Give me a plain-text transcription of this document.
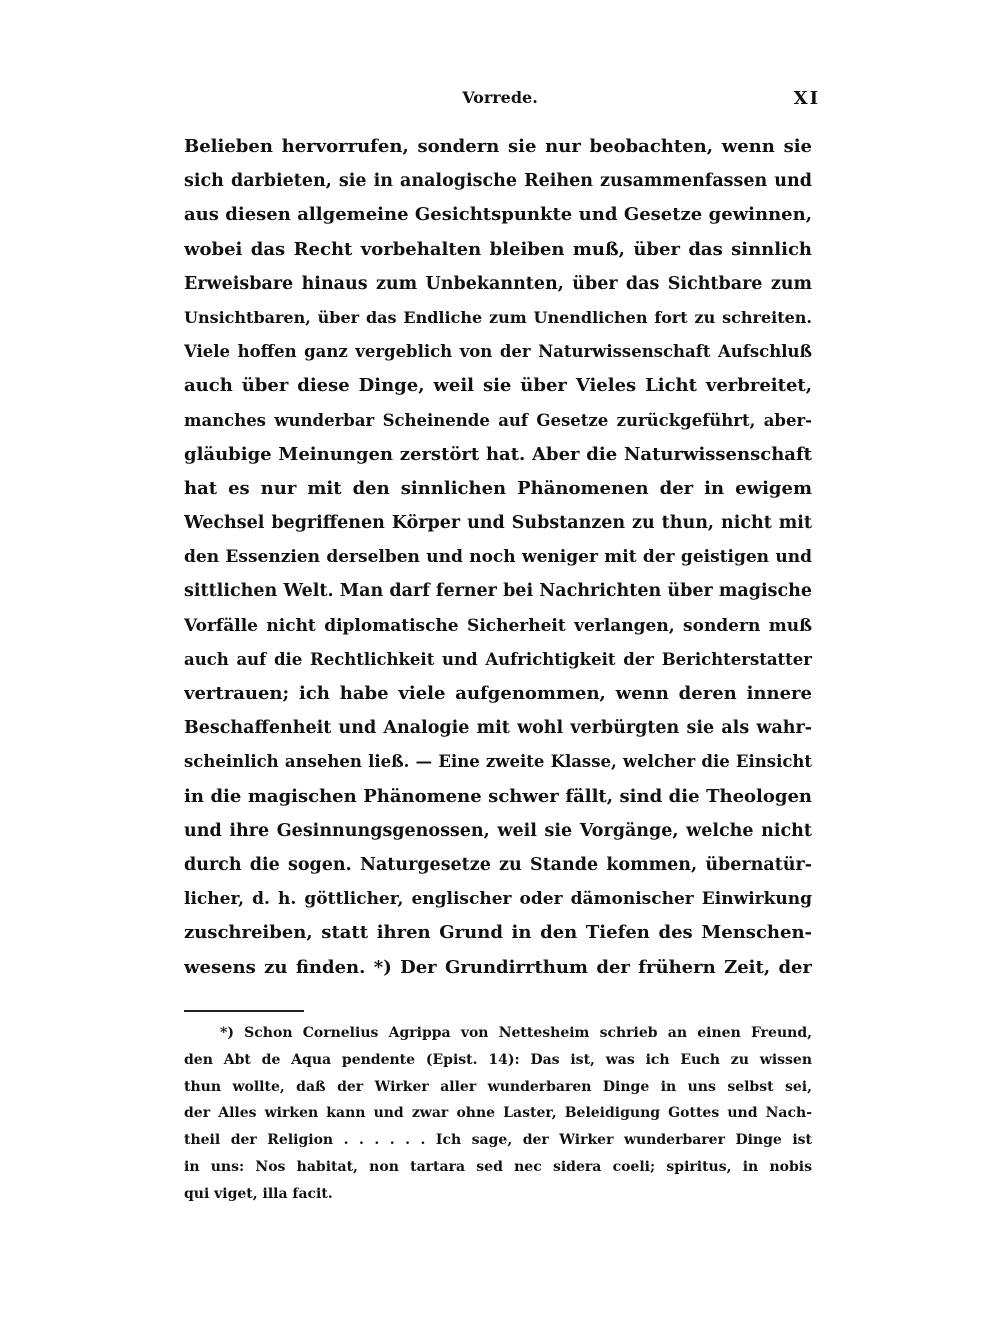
Vorrede.	XI
Belieben hervorrufen, sondern sie nur beobachten, wenn sie
sich darbieten, sie in analogische Reihen zusammenfassen und
aus diesen allgemeine Gesichtspunkte und Gesetze gewinnen,
wobei das Recht vorbehalten bleiben muß, über das sinnlich
Erweisbare hinaus zum Unbekannten, über das Sichtbare zum
Unsichtbaren, über das Endliche zum Unendlichen fort zu schreiten.
Viele hoffen ganz vergeblich von der Naturwissenschaft Aufschluß
auch über diese Dinge, weil sie über Vieles Licht verbreitet,
manches wunderbar Scheinende auf Gesetze zurückgeführt, aber-
gläubige Meinungen zerstört hat. Aber die Naturwissenschaft
hat es nur mit den sinnlichen Phänomenen der in ewigem
Wechsel begriffenen Körper und Substanzen zu thun, nicht mit
den Essenzien derselben und noch weniger mit der geistigen und
sittlichen Welt. Man darf ferner bei Nachrichten über magische
Vorfälle nicht diplomatische Sicherheit verlangen, sondern muß
auch auf die Rechtlichkeit und Aufrichtigkeit der Berichterstatter
vertrauen; ich habe viele aufgenommen, wenn deren innere
Beschaffenheit und Analogie mit wohl verbürgten sie als wahr-
scheinlich ansehen ließ. — Eine zweite Klasse, welcher die Einsicht
in die magischen Phänomene schwer fällt, sind die Theologen
und ihre Gesinnungsgenossen, weil sie Vorgänge, welche nicht
durch die sogen. Naturgesetze zu Stande kommen, übernatür-
licher, d. h. göttlicher, englischer oder dämonischer Einwirkung
zuschreiben, statt ihren Grund in den Tiefen des Menschen-
wesens zu finden. *) Der Grundirrthum der frühern Zeit, der
*) Schon Cornelius Agrippa von Nettesheim schrieb an einen Freund,
den Abt de Aqua pendente (Epist. 14): Das ist, was ich Euch zu wissen
thun wollte, daß der Wirker aller wunderbaren Dinge in uns selbst sei,
der Alles wirken kann und zwar ohne Laster, Beleidigung Gottes und Nach-
theil der Religion . . . . . . Ich sage, der Wirker wunderbarer Dinge ist
in uns: Nos habitat, non tartara sed nec sidera coeli; spiritus, in nobis
qui viget, illa facit.
